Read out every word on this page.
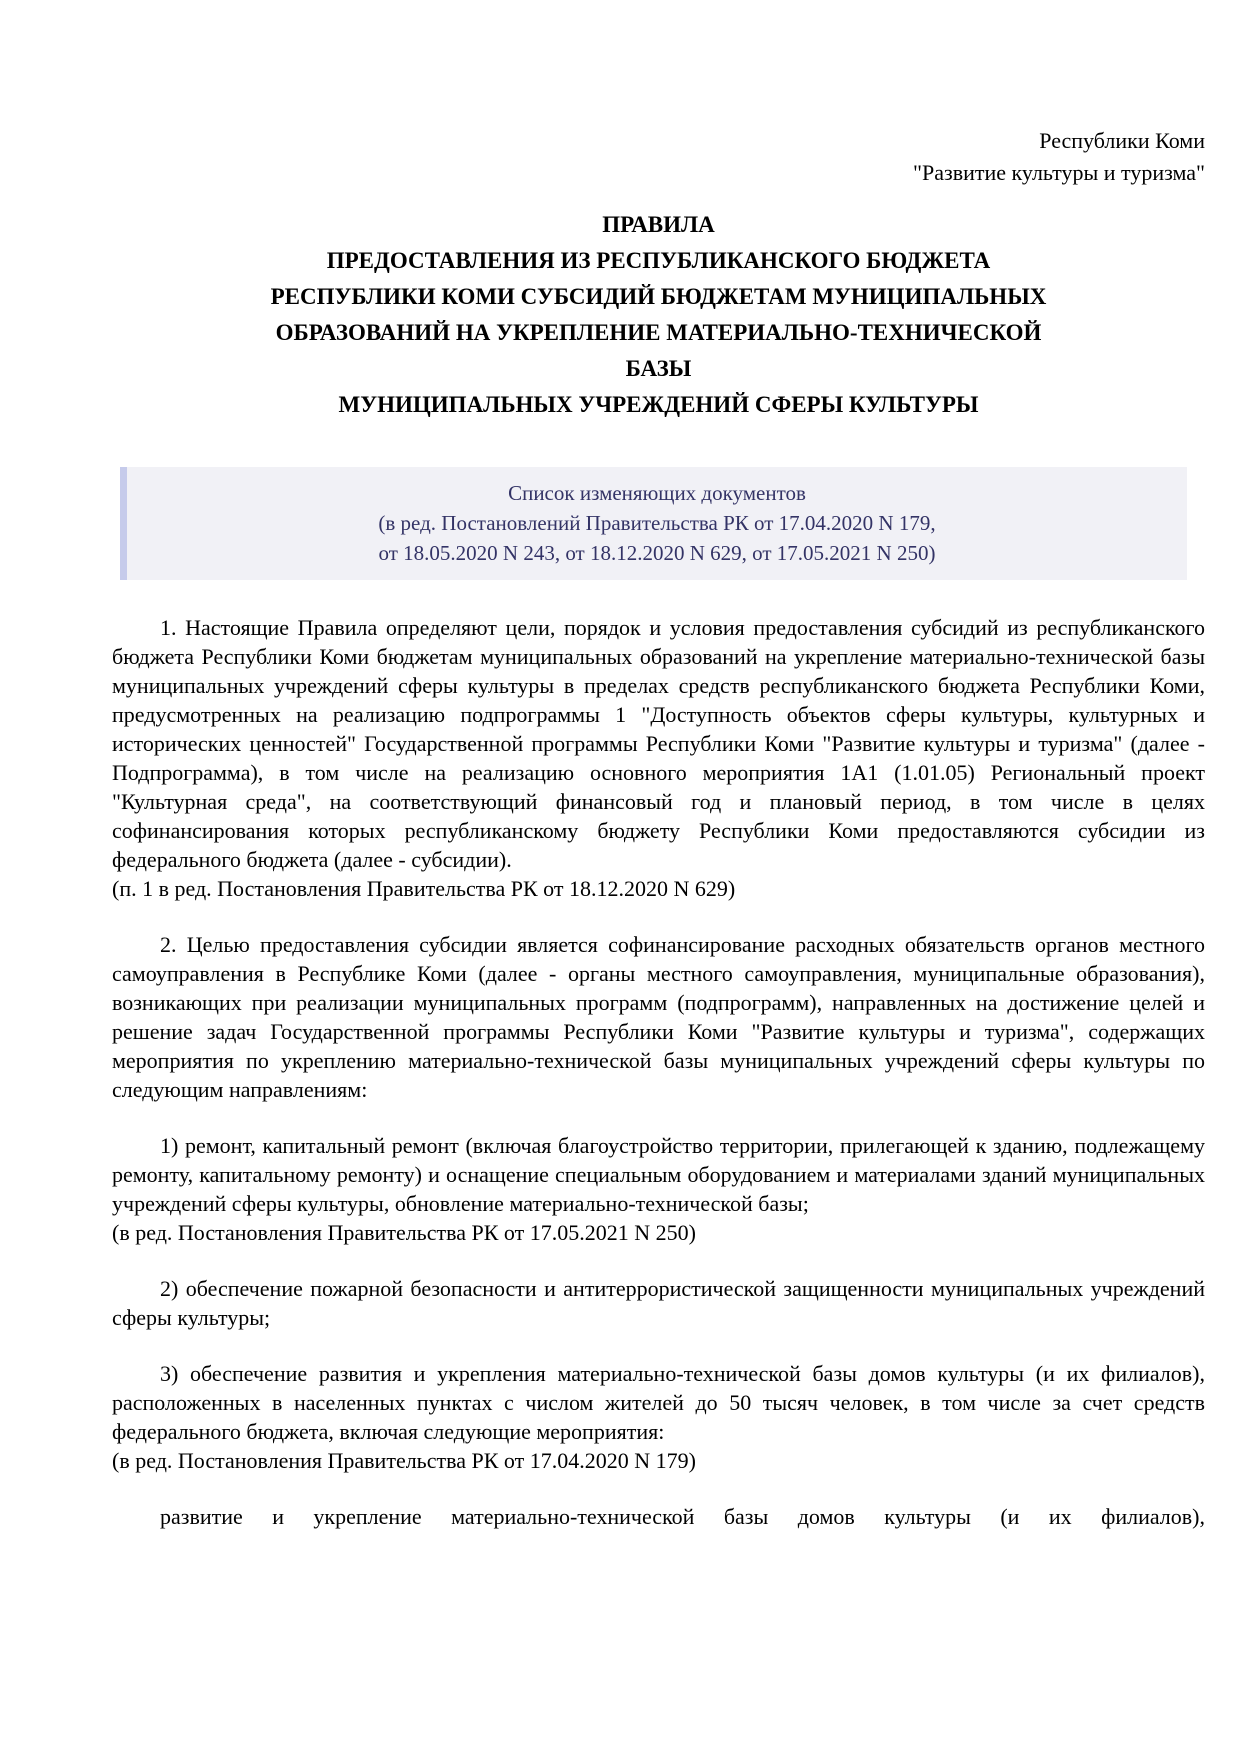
Республики Коми
"Развитие культуры и туризма"
ПРАВИЛА
ПРЕДОСТАВЛЕНИЯ ИЗ РЕСПУБЛИКАНСКОГО БЮДЖЕТА
РЕСПУБЛИКИ КОМИ СУБСИДИЙ БЮДЖЕТАМ МУНИЦИПАЛЬНЫХ
ОБРАЗОВАНИЙ НА УКРЕПЛЕНИЕ МАТЕРИАЛЬНО-ТЕХНИЧЕСКОЙ
БАЗЫ
МУНИЦИПАЛЬНЫХ УЧРЕЖДЕНИЙ СФЕРЫ КУЛЬТУРЫ
Список изменяющих документов
(в ред. Постановлений Правительства РК от 17.04.2020 N 179,
от 18.05.2020 N 243, от 18.12.2020 N 629, от 17.05.2021 N 250)

1. Настоящие Правила определяют цели, порядок и условия предоставления субсидий из республиканского бюджета Республики Коми бюджетам муниципальных образований на укрепление материально-технической базы муниципальных учреждений сферы культуры в пределах средств республиканского бюджета Республики Коми, предусмотренных на реализацию подпрограммы 1 "Доступность объектов сферы культуры, культурных и исторических ценностей" Государственной программы Республики Коми "Развитие культуры и туризма" (далее - Подпрограмма), в том числе на реализацию основного мероприятия 1А1 (1.01.05) Региональный проект "Культурная среда", на соответствующий финансовый год и плановый период, в том числе в целях софинансирования которых республиканскому бюджету Республики Коми предоставляются субсидии из федерального бюджета (далее - субсидии).

(п. 1 в ред. Постановления Правительства РК от 18.12.2020 N 629)

2. Целью предоставления субсидии является софинансирование расходных обязательств органов местного самоуправления в Республике Коми (далее - органы местного самоуправления, муниципальные образования), возникающих при реализации муниципальных программ (подпрограмм), направленных на достижение целей и решение задач Государственной программы Республики Коми "Развитие культуры и туризма", содержащих мероприятия по укреплению материально-технической базы муниципальных учреждений сферы культуры по следующим направлениям:

1) ремонт, капитальный ремонт (включая благоустройство территории, прилегающей к зданию, подлежащему ремонту, капитальному ремонту) и оснащение специальным оборудованием и материалами зданий муниципальных учреждений сферы культуры, обновление материально-технической базы;

(в ред. Постановления Правительства РК от 17.05.2021 N 250)

2) обеспечение пожарной безопасности и антитеррористической защищенности муниципальных учреждений сферы культуры;

3) обеспечение развития и укрепления материально-технической базы домов культуры (и их филиалов), расположенных в населенных пунктах с числом жителей до 50 тысяч человек, в том числе за счет средств федерального бюджета, включая следующие мероприятия:

(в ред. Постановления Правительства РК от 17.04.2020 N 179)

развитие и укрепление материально-технической базы домов культуры (и их филиалов),
